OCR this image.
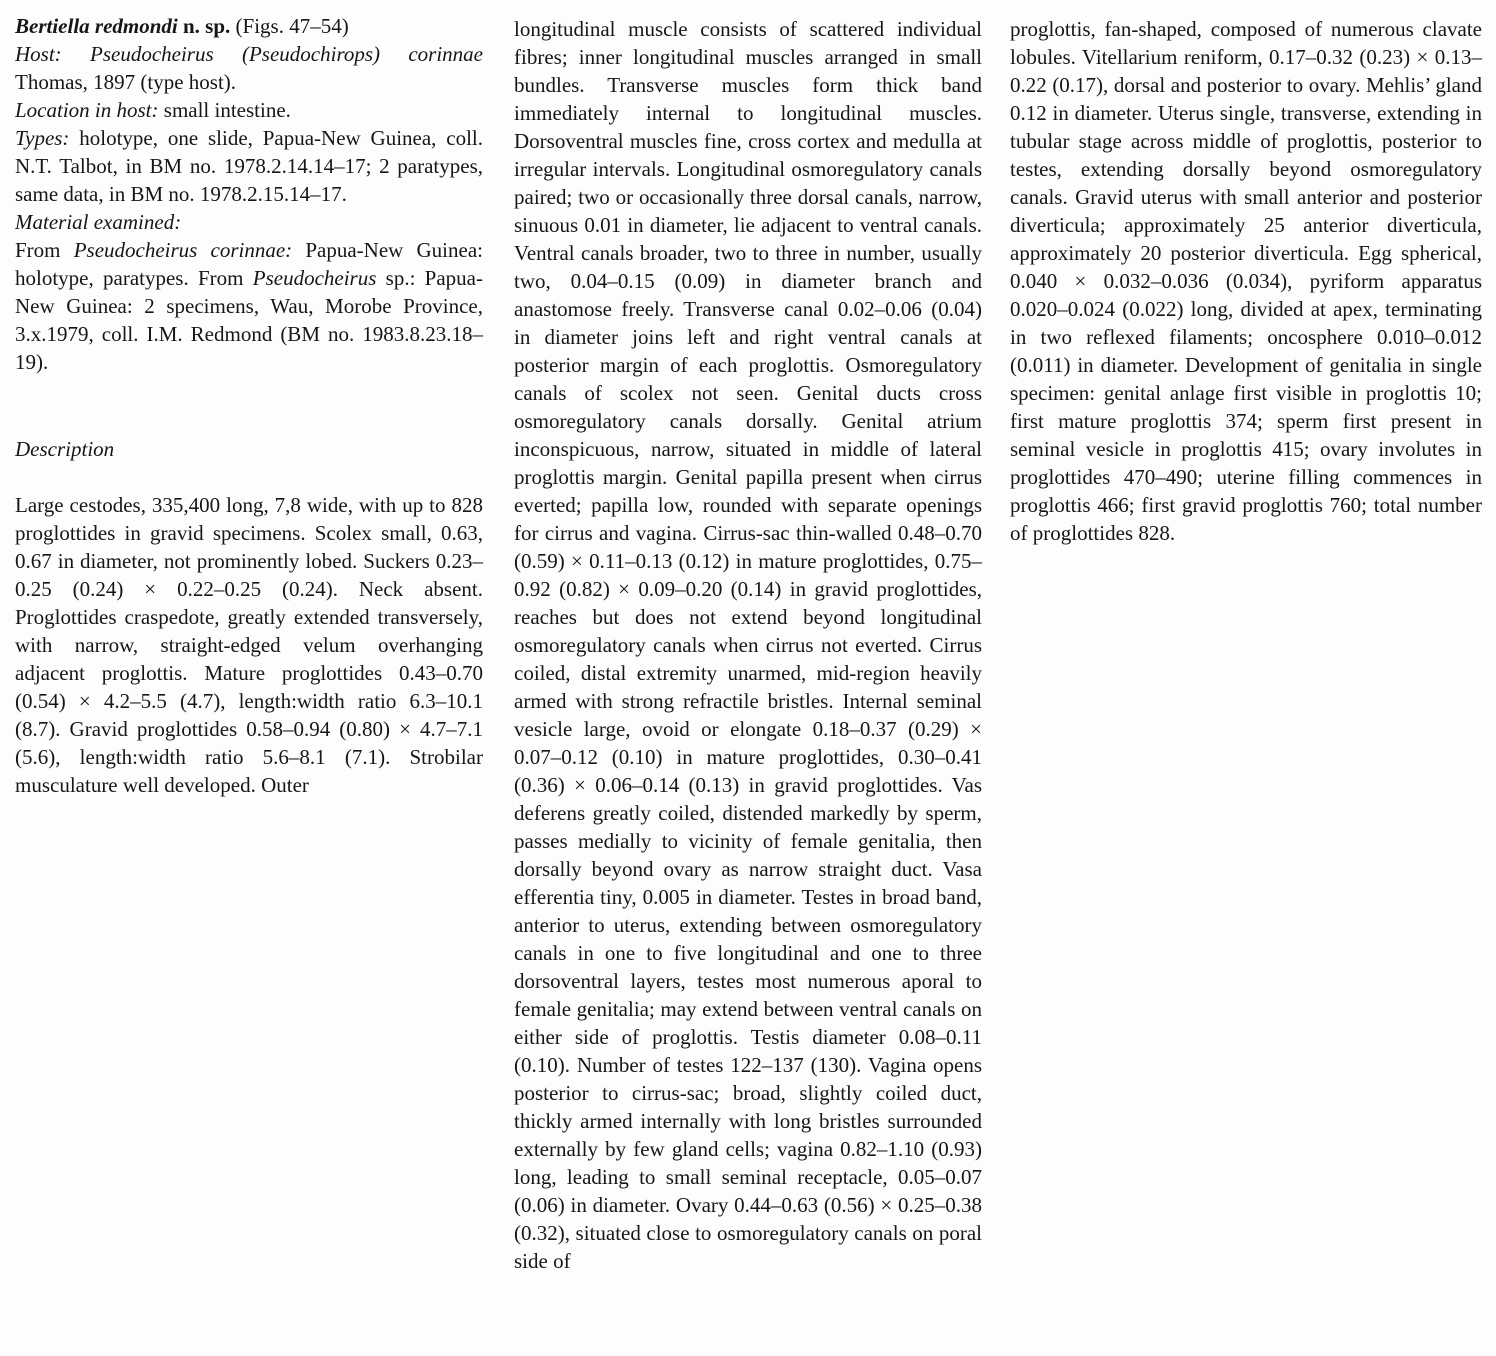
Bertiella redmondi n. sp. (Figs. 47–54)

Host: Pseudocheirus (Pseudochirops) corinnae Thomas, 1897 (type host).

Location in host: small intestine.

Types: holotype, one slide, Papua-New Guinea, coll. N.T. Talbot, in BM no. 1978.2.14.14–17; 2 paratypes, same data, in BM no. 1978.2.15.14–17.

Material examined:

From Pseudocheirus corinnae: Papua-New Guinea: holotype, paratypes. From Pseudocheirus sp.: Papua-New Guinea: 2 specimens, Wau, Morobe Province, 3.x.1979, coll. I.M. Redmond (BM no. 1983.8.23.18–19).

Description

Large cestodes, 335,400 long, 7,8 wide, with up to 828 proglottides in gravid specimens. Scolex small, 0.63, 0.67 in diameter, not prominently lobed. Suckers 0.23–0.25 (0.24) × 0.22–0.25 (0.24). Neck absent. Proglottides craspedote, greatly extended transversely, with narrow, straight-edged velum overhanging adjacent proglottis. Mature proglottides 0.43–0.70 (0.54) × 4.2–5.5 (4.7), length:width ratio 6.3–10.1 (8.7). Gravid proglottides 0.58–0.94 (0.80) × 4.7–7.1 (5.6), length:width ratio 5.6–8.1 (7.1). Strobilar musculature well developed. Outer

longitudinal muscle consists of scattered individual fibres; inner longitudinal muscles arranged in small bundles. Transverse muscles form thick band immediately internal to longitudinal muscles. Dorsoventral muscles fine, cross cortex and medulla at irregular intervals. Longitudinal osmoregulatory canals paired; two or occasionally three dorsal canals, narrow, sinuous 0.01 in diameter, lie adjacent to ventral canals. Ventral canals broader, two to three in number, usually two, 0.04–0.15 (0.09) in diameter branch and anastomose freely. Transverse canal 0.02–0.06 (0.04) in diameter joins left and right ventral canals at posterior margin of each proglottis. Osmoregulatory canals of scolex not seen. Genital ducts cross osmoregulatory canals dorsally. Genital atrium inconspicuous, narrow, situated in middle of lateral proglottis margin. Genital papilla present when cirrus everted; papilla low, rounded with separate openings for cirrus and vagina. Cirrus-sac thin-walled 0.48–0.70 (0.59) × 0.11–0.13 (0.12) in mature proglottides, 0.75–0.92 (0.82) × 0.09–0.20 (0.14) in gravid proglottides, reaches but does not extend beyond longitudinal osmoregulatory canals when cirrus not everted. Cirrus coiled, distal extremity unarmed, mid-region heavily armed with strong refractile bristles. Internal seminal vesicle large, ovoid or elongate 0.18–0.37 (0.29) × 0.07–0.12 (0.10) in mature proglottides, 0.30–0.41 (0.36) × 0.06–0.14 (0.13) in gravid proglottides. Vas deferens greatly coiled, distended markedly by sperm, passes medially to vicinity of female genitalia, then dorsally beyond ovary as narrow straight duct. Vasa efferentia tiny, 0.005 in diameter. Testes in broad band, anterior to uterus, extending between osmoregulatory canals in one to five longitudinal and one to three dorsoventral layers, testes most numerous aporal to female genitalia; may extend between ventral canals on either side of proglottis. Testis diameter 0.08–0.11 (0.10). Number of testes 122–137 (130). Vagina opens posterior to cirrus-sac; broad, slightly coiled duct, thickly armed internally with long bristles surrounded externally by few gland cells; vagina 0.82–1.10 (0.93) long, leading to small seminal receptacle, 0.05–0.07 (0.06) in diameter. Ovary 0.44–0.63 (0.56) × 0.25–0.38 (0.32), situated close to osmoregulatory canals on poral side of

proglottis, fan-shaped, composed of numerous clavate lobules. Vitellarium reniform, 0.17–0.32 (0.23) × 0.13–0.22 (0.17), dorsal and posterior to ovary. Mehlis’ gland 0.12 in diameter. Uterus single, transverse, extending in tubular stage across middle of proglottis, posterior to testes, extending dorsally beyond osmoregulatory canals. Gravid uterus with small anterior and posterior diverticula; approximately 25 anterior diverticula, approximately 20 posterior diverticula. Egg spherical, 0.040 × 0.032–0.036 (0.034), pyriform apparatus 0.020–0.024 (0.022) long, divided at apex, terminating in two reflexed filaments; oncosphere 0.010–0.012 (0.011) in diameter. Development of genitalia in single specimen: genital anlage first visible in proglottis 10; first mature proglottis 374; sperm first present in seminal vesicle in proglottis 415; ovary involutes in proglottides 470–490; uterine filling commences in proglottis 466; first gravid proglottis 760; total number of proglottides 828.
